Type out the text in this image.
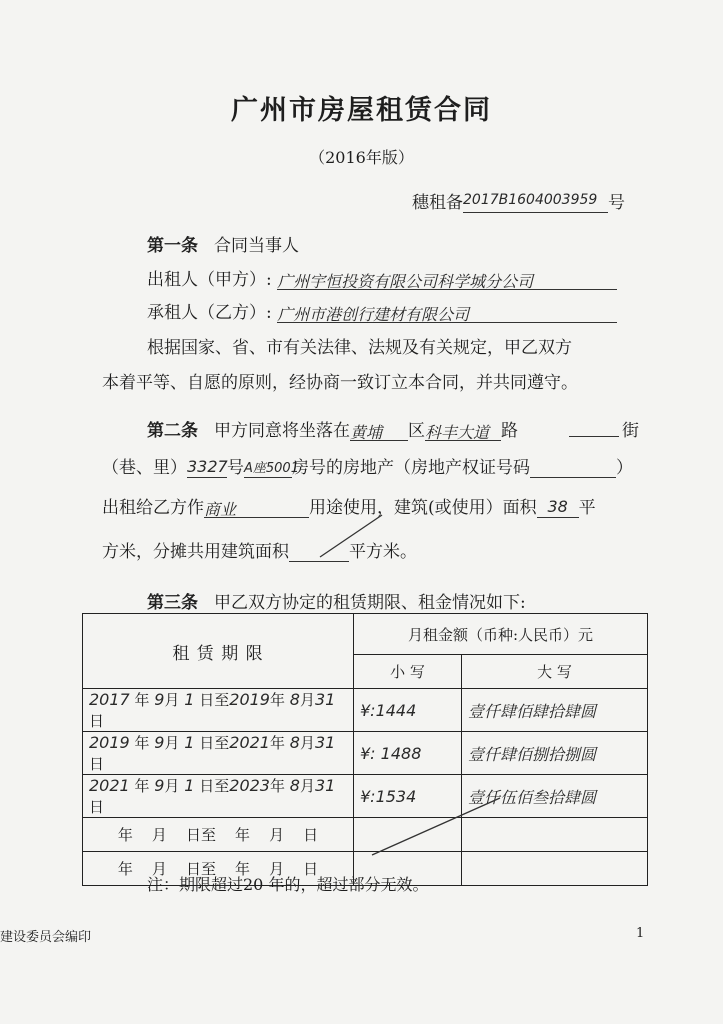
广州市房屋租赁合同
（2016年版）
穗租备2017B1604003959 号
第一条 合同当事人
出租人（甲方）: 广州宇恒投资有限公司科学城分公司
承租人（乙方）: 广州市港创行建材有限公司
根据国家、省、市有关法律、法规及有关规定，甲乙双方
本着平等、自愿的原则，经协商一致订立本合同，并共同遵守。
第二条 甲方同意将坐落在黄埔 区科丰大道 路	街
（巷、里）3327号A座5001房号的房地产（房地产权证号码	）
出租给乙方作商业	用途使用，建筑(或使用）面积 38 平
方米，分摊共用建筑面积	平方米。
第三条 甲乙双方协定的租赁期限、租金情况如下:
租 赁 期 限	月租金额（币种:人民币）元	
	小 写	大 写
2017 年 9月 1 日至2019年 8月31日	¥:1444	壹仟肆佰肆拾肆圆
2019 年 9月 1 日至2021年 8月31日	¥: 1488	壹仟肆佰捌拾捌圆
2021 年 9月 1 日至2023年 8月31日	¥:1534	壹仟伍佰叁拾肆圆
年    月    日至    年    月    日		
年    月    日至    年    月    日		
注：期限超过20 年的，超过部分无效。
建设委员会编印	1
